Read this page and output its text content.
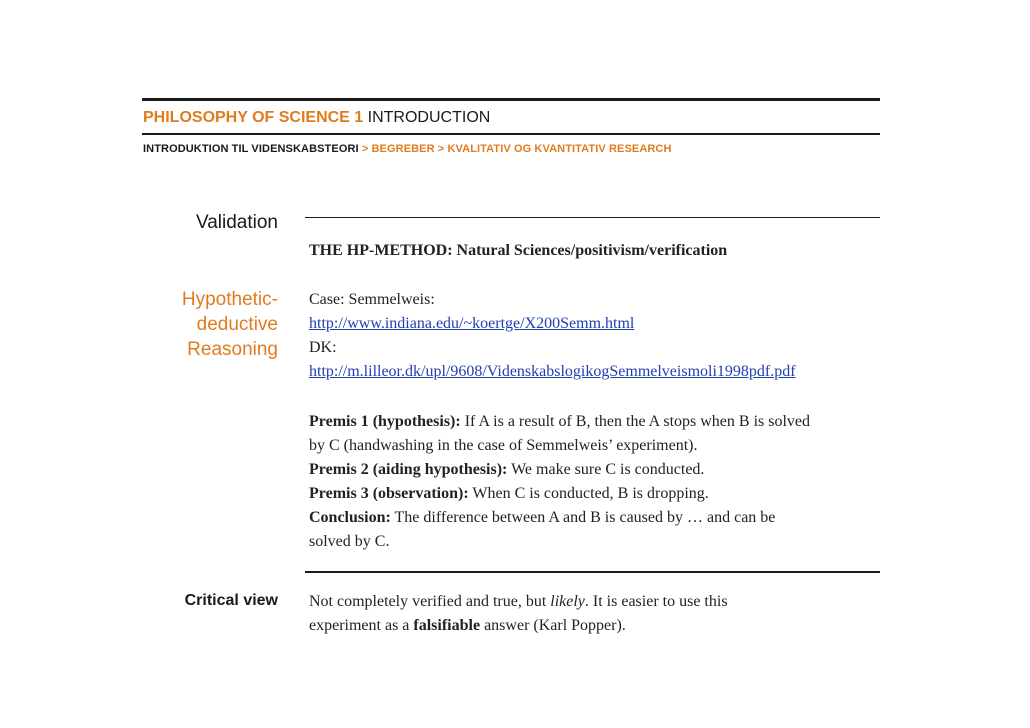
PHILOSOPHY OF SCIENCE 1 INTRODUCTION
INTRODUKTION TIL VIDENSKABSTEORI > BEGREBER > KVALITATIV OG KVANTITATIV RESEARCH
Validation
Hypothetic-
deductive
Reasoning
Critical view
THE HP-METHOD: Natural Sciences/positivism/verification
Case: Semmelweis:
http://www.indiana.edu/~koertge/X200Semm.html
DK:
http://m.lilleor.dk/upl/9608/VidenskabslogikogSemmelveismoli1998pdf.pdf
Premis 1 (hypothesis): If A is a result of B, then the A stops when B is solved
by C (handwashing in the case of Semmelweis’ experiment).
Premis 2 (aiding hypothesis): We make sure C is conducted.
Premis 3 (observation): When C is conducted, B is dropping.
Conclusion: The difference between A and B is caused by … and can be
solved by C.
Not completely verified and true, but likely. It is easier to use this
experiment as a falsifiable answer (Karl Popper).
